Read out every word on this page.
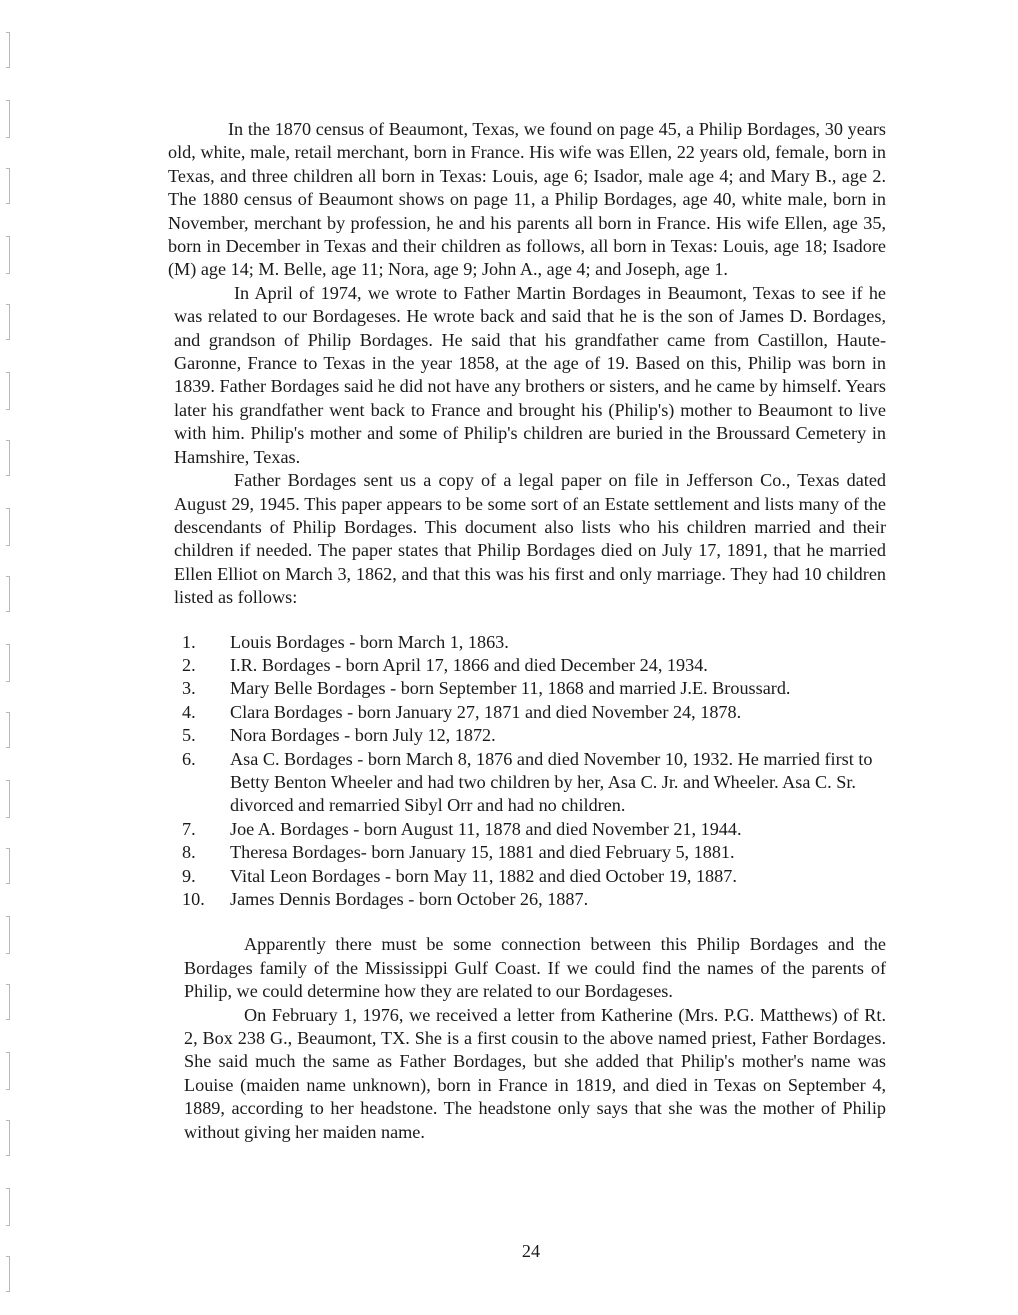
In the 1870 census of Beaumont, Texas, we found on page 45, a Philip Bordages, 30 years old, white, male, retail merchant, born in France. His wife was Ellen, 22 years old, female, born in Texas, and three children all born in Texas: Louis, age 6; Isador, male age 4; and Mary B., age 2. The 1880 census of Beaumont shows on page 11, a Philip Bordages, age 40, white male, born in November, merchant by profession, he and his parents all born in France. His wife Ellen, age 35, born in December in Texas and their children as follows, all born in Texas: Louis, age 18; Isadore (M) age 14; M. Belle, age 11; Nora, age 9; John A., age 4; and Joseph, age 1.

In April of 1974, we wrote to Father Martin Bordages in Beaumont, Texas to see if he was related to our Bordageses. He wrote back and said that he is the son of James D. Bordages, and grandson of Philip Bordages. He said that his grandfather came from Castillon, Haute-Garonne, France to Texas in the year 1858, at the age of 19. Based on this, Philip was born in 1839. Father Bordages said he did not have any brothers or sisters, and he came by himself. Years later his grandfather went back to France and brought his (Philip's) mother to Beaumont to live with him. Philip's mother and some of Philip's children are buried in the Broussard Cemetery in Hamshire, Texas.

Father Bordages sent us a copy of a legal paper on file in Jefferson Co., Texas dated August 29, 1945. This paper appears to be some sort of an Estate settlement and lists many of the descendants of Philip Bordages. This document also lists who his children married and their children if needed. The paper states that Philip Bordages died on July 17, 1891, that he married Ellen Elliot on March 3, 1862, and that this was his first and only marriage. They had 10 children listed as follows:

1.	Louis Bordages - born March 1, 1863.
2.	I.R. Bordages - born April 17, 1866 and died December 24, 1934.
3.	Mary Belle Bordages - born September 11, 1868 and married J.E. Broussard.
4.	Clara Bordages - born January 27, 1871 and died November 24, 1878.
5.	Nora Bordages - born July 12, 1872.
6.	Asa C. Bordages - born March 8, 1876 and died November 10, 1932. He married first to Betty Benton Wheeler and had two children by her, Asa C. Jr. and Wheeler. Asa C. Sr. divorced and remarried Sibyl Orr and had no children.
7.	Joe A. Bordages - born August 11, 1878 and died November 21, 1944.
8.	Theresa Bordages- born January 15, 1881 and died February 5, 1881.
9.	Vital Leon Bordages - born May 11, 1882 and died October 19, 1887.
10.	James Dennis Bordages - born October 26, 1887.

Apparently there must be some connection between this Philip Bordages and the Bordages family of the Mississippi Gulf Coast. If we could find the names of the parents of Philip, we could determine how they are related to our Bordageses.

On February 1, 1976, we received a letter from Katherine (Mrs. P.G. Matthews) of Rt. 2, Box 238 G., Beaumont, TX. She is a first cousin to the above named priest, Father Bordages. She said much the same as Father Bordages, but she added that Philip's mother's name was Louise (maiden name unknown), born in France in 1819, and died in Texas on September 4, 1889, according to her headstone. The headstone only says that she was the mother of Philip without giving her maiden name.

24
